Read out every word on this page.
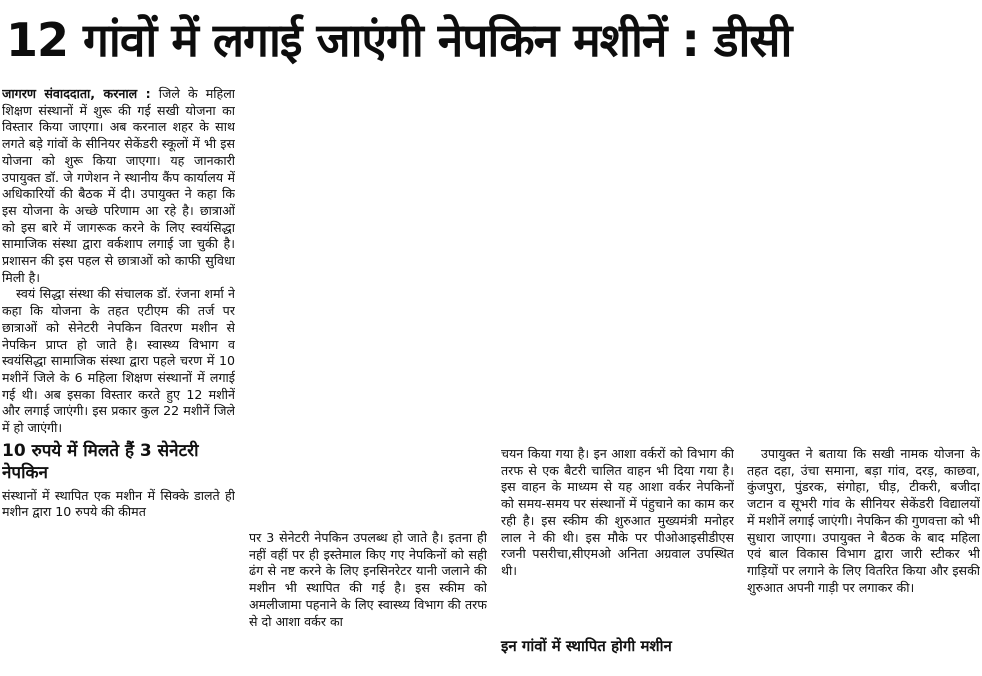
12 गांवों में लगाई जाएंगी नेपकिन मशीनें : डीसी

जागरण संवाददाता, करनाल : जिले के महिला शिक्षण संस्थानों में शुरू की गई सखी योजना का विस्तार किया जाएगा। अब करनाल शहर के साथ लगते बड़े गांवों के सीनियर सेकेंडरी स्कूलों में भी इस योजना को शुरू किया जाएगा। यह जानकारी उपायुक्त डॉ. जे गणेशन ने स्थानीय कैंप कार्यालय में अधिकारियों की बैठक में दी। उपायुक्त ने कहा कि इस योजना के अच्छे परिणाम आ रहे है। छात्राओं को इस बारे में जागरूक करने के लिए स्वयंसिद्धा सामाजिक संस्था द्वारा वर्कशाप लगाई जा चुकी है। प्रशासन की इस पहल से छात्राओं को काफी सुविधा मिली है।

स्वयं सिद्धा संस्था की संचालक डॉ. रंजना शर्मा ने कहा कि योजना के तहत एटीएम की तर्ज पर छात्राओं को सेनेटरी नेपकिन वितरण मशीन से नेपकिन प्राप्त हो जाते है। स्वास्थ्य विभाग व स्वयंसिद्धा सामाजिक संस्था द्वारा पहले चरण में 10 मशीनें जिले के 6 महिला शिक्षण संस्थानों में लगाई गई थी। अब इसका विस्तार करते हुए 12 मशीनें और लगाई जाएंगी। इस प्रकार कुल 22 मशीनें जिले में हो जाएंगी।

10 रुपये में मिलते हैं 3 सेनेटरी नेपकिन

संस्थानों में स्थापित एक मशीन में सिक्के डालते ही मशीन द्वारा 10 रुपये की कीमत

पर 3 सेनेटरी नेपकिन उपलब्ध हो जाते है। इतना ही नहीं वहीं पर ही इस्तेमाल किए गए नेपकिनों को सही ढंग से नष्ट करने के लिए इनसिनरेटर यानी जलाने की मशीन भी स्थापित की गई है। इस स्कीम को अमलीजामा पहनाने के लिए स्वास्थ्य विभाग की तरफ से दो आशा वर्कर का

चयन किया गया है। इन आशा वर्करों को विभाग की तरफ से एक बैटरी चालित वाहन भी दिया गया है। इस वाहन के माध्यम से यह आशा वर्कर नेपकिनों को समय-समय पर संस्थानों में पंहुचाने का काम कर रही है। इस स्कीम की शुरुआत मुख्यमंत्री मनोहर लाल ने की थी। इस मौके पर पीओआइसीडीएस रजनी पसरीचा,सीएमओ अनिता अग्रवाल उपस्थित थी।

इन गांवों में स्थापित होगी मशीन

उपायुक्त ने बताया कि सखी नामक योजना के तहत दहा, उंचा समाना, बड़ा गांव, दरड़, काछवा, कुंजपुरा, पुंडरक, संगोहा, घीड़, टीकरी, बजीदा जटान व सूभरी गांव के सीनियर सेकेंडरी विद्यालयों में मशीनें लगाई जाएंगी। नेपकिन की गुणवत्ता को भी सुधारा जाएगा। उपायुक्त ने बैठक के बाद महिला एवं बाल विकास विभाग द्वारा जारी स्टीकर भी गाड़ियों पर लगाने के लिए वितरित किया और इसकी शुरुआत अपनी गाड़ी पर लगाकर की।
